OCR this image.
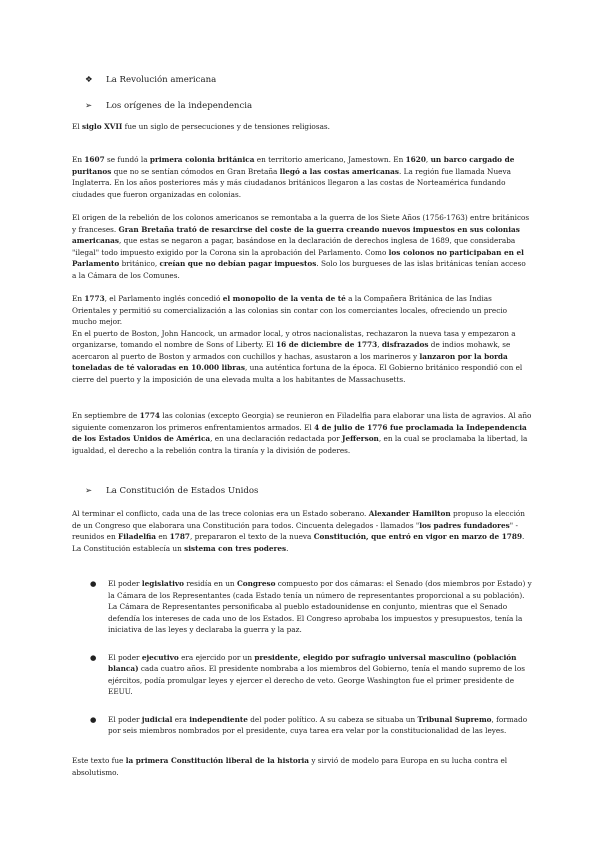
❖ La Revolución americana
➢ Los orígenes de la independencia

El siglo XVII fue un siglo de persecuciones y de tensiones religiosas.

En 1607 se fundó la primera colonia británica en territorio americano, Jamestown. En 1620, un barco cargado de puritanos que no se sentían cómodos en Gran Bretaña llegó a las costas americanas. La región fue llamada Nueva Inglaterra. En los años posteriores más y más ciudadanos británicos llegaron a las costas de Norteamérica fundando ciudades que fueron organizadas en colonias.

El origen de la rebelión de los colonos americanos se remontaba a la guerra de los Siete Años (1756-1763) entre británicos y franceses. Gran Bretaña trató de resarcirse del coste de la guerra creando nuevos impuestos en sus colonias americanas, que estas se negaron a pagar, basándose en la declaración de derechos inglesa de 1689, que consideraba "ilegal" todo impuesto exigido por la Corona sin la aprobación del Parlamento. Como los colonos no participaban en el Parlamento británico, creían que no debían pagar impuestos. Solo los burgueses de las islas británicas tenían acceso a la Cámara de los Comunes.

En 1773, el Parlamento inglés concedió el monopolio de la venta de té a la Compañera Británica de las Indias Orientales y permitió su comercialización a las colonias sin contar con los comerciantes locales, ofreciendo un precio mucho mejor.
En el puerto de Boston, John Hancock, un armador local, y otros nacionalistas, rechazaron la nueva tasa y empezaron a organizarse, tomando el nombre de Sons of Liberty. El 16 de diciembre de 1773, disfrazados de indios mohawk, se acercaron al puerto de Boston y armados con cuchillos y hachas, asustaron a los marineros y lanzaron por la borda toneladas de té valoradas en 10.000 libras, una auténtica fortuna de la época. El Gobierno británico respondió con el cierre del puerto y la imposición de una elevada multa a los habitantes de Massachusetts.

En septiembre de 1774 las colonias (excepto Georgia) se reunieron en Filadelfia para elaborar una lista de agravios. Al año siguiente comenzaron los primeros enfrentamientos armados. El 4 de julio de 1776 fue proclamada la Independencia de los Estados Unidos de América, en una declaración redactada por Jefferson, en la cual se proclamaba la libertad, la igualdad, el derecho a la rebelión contra la tiranía y la división de poderes.

➢ La Constitución de Estados Unidos

Al terminar el conflicto, cada una de las trece colonias era un Estado soberano. Alexander Hamilton propuso la elección de un Congreso que elaborara una Constitución para todos. Cincuenta delegados - llamados "los padres fundadores" - reunidos en Filadelfia en 1787, prepararon el texto de la nueva Constitución, que entró en vigor en marzo de 1789. La Constitución establecía un sistema con tres poderes.

● El poder legislativo residía en un Congreso compuesto por dos cámaras: el Senado (dos miembros por Estado) y la Cámara de los Representantes (cada Estado tenía un número de representantes proporcional a su población). La Cámara de Representantes personificaba al pueblo estadounidense en conjunto, mientras que el Senado defendía los intereses de cada uno de los Estados. El Congreso aprobaba los impuestos y presupuestos, tenía la iniciativa de las leyes y declaraba la guerra y la paz.
● El poder ejecutivo era ejercido por un presidente, elegido por sufragio universal masculino (población blanca) cada cuatro años. El presidente nombraba a los miembros del Gobierno, tenía el mando supremo de los ejércitos, podía promulgar leyes y ejercer el derecho de veto. George Washington fue el primer presidente de EEUU.
● El poder judicial era independiente del poder político. A su cabeza se situaba un Tribunal Supremo, formado por seis miembros nombrados por el presidente, cuya tarea era velar por la constitucionalidad de las leyes.

Este texto fue la primera Constitución liberal de la historia y sirvió de modelo para Europa en su lucha contra el absolutismo.
